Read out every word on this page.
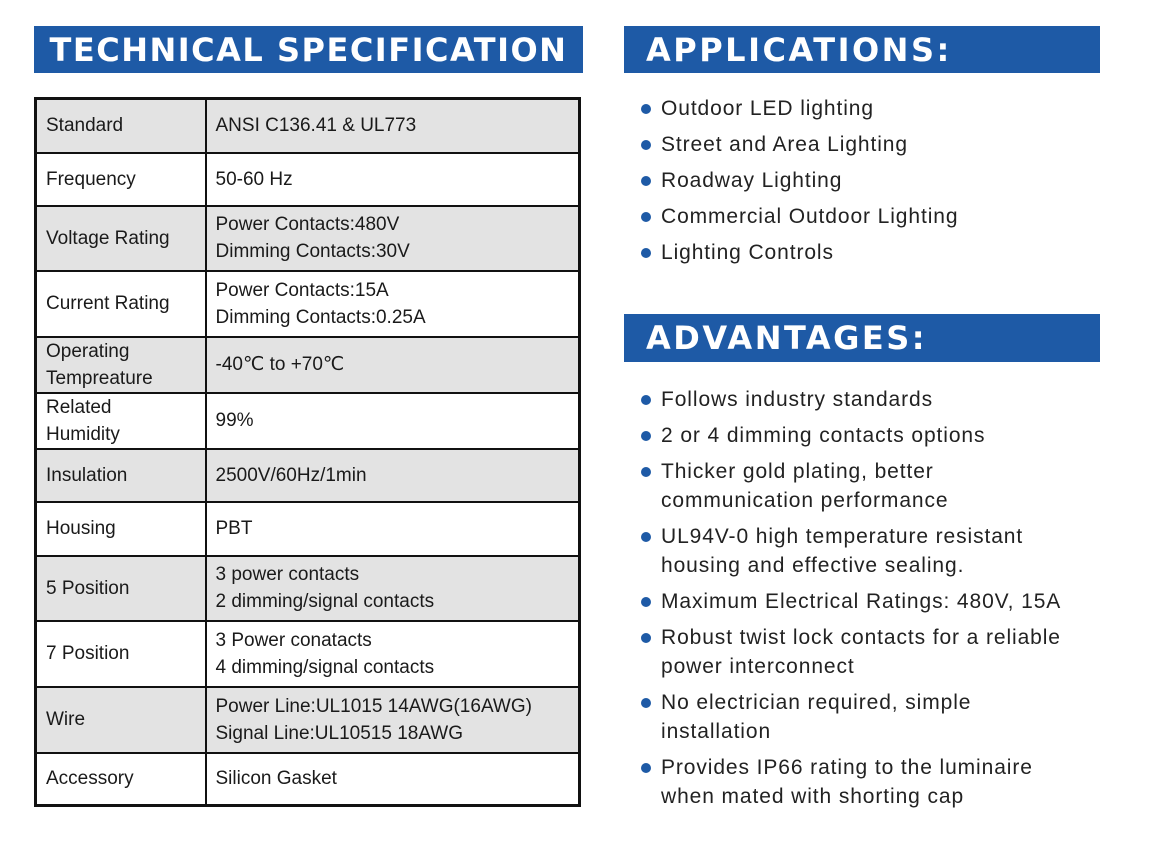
TECHNICAL SPECIFICATION	APPLICATIONS:
ADVANTAGES:
Standard	ANSI C136.41 & UL773

Frequency	50-60 Hz

Voltage Rating	Power Contacts:480V
Dimming Contacts:30V

Current Rating	Power Contacts:15A
Dimming Contacts:0.25A

Operating
Tempreature	-40℃ to +70℃

Related
Humidity	99%

Insulation	2500V/60Hz/1min

Housing	PBT

5 Position	3 power contacts
2 dimming/signal contacts

7 Position	3 Power conatacts
4 dimming/signal contacts

Wire	Power Line:UL1015 14AWG(16AWG)
Signal Line:UL10515 18AWG

Accessory	Silicon Gasket
Outdoor LED lighting
Street and Area Lighting
Roadway Lighting
Commercial Outdoor Lighting
Lighting Controls
Follows industry standards
2 or 4 dimming contacts options
Thicker gold plating, better
communication performance
UL94V-0 high temperature resistant
housing and effective sealing.
Maximum Electrical Ratings: 480V, 15A
Robust twist lock contacts for a reliable
power interconnect
No electrician required, simple
installation
Provides IP66 rating to the luminaire
when mated with shorting cap
